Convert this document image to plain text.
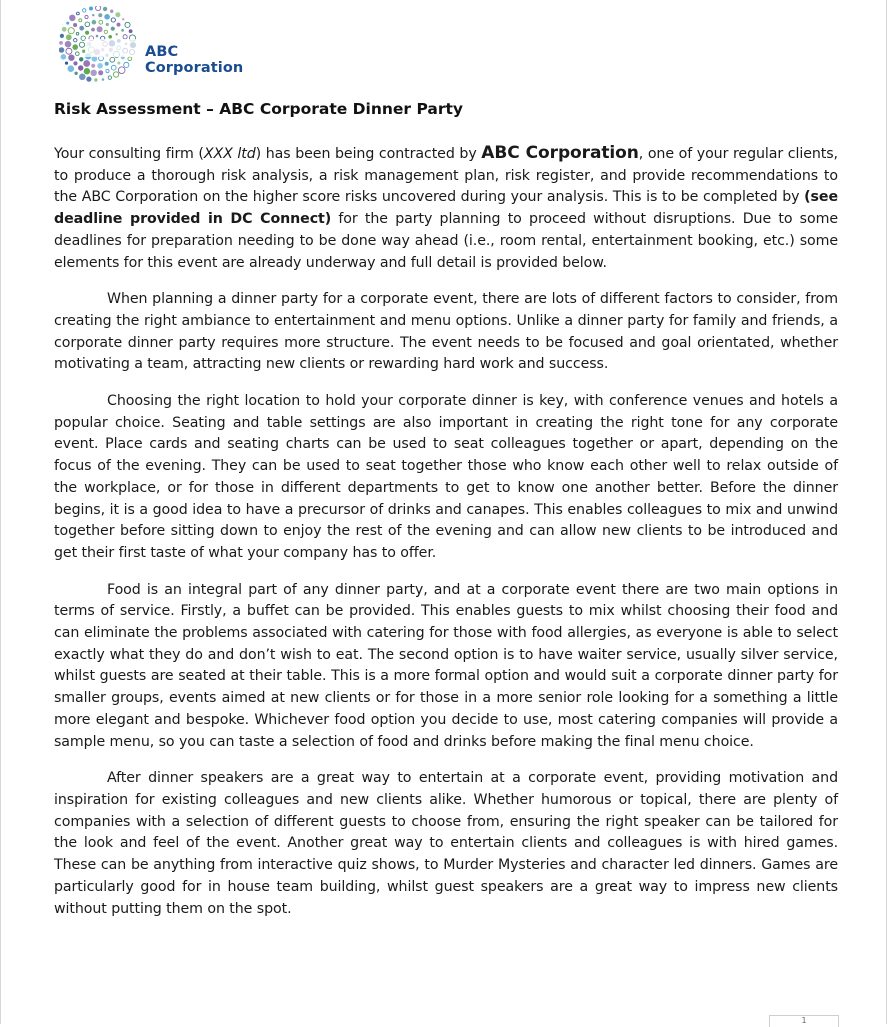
ABC Corporation
Risk Assessment – ABC Corporate Dinner Party

Your consulting firm (XXX ltd) has been being contracted by ABC Corporation, one of your regular clients, to produce a thorough risk analysis, a risk management plan, risk register, and provide recommendations to the ABC Corporation on the higher score risks uncovered during your analysis. This is to be completed by (see deadline provided in DC Connect) for the party planning to proceed without disruptions. Due to some deadlines for preparation needing to be done way ahead (i.e., room rental, entertainment booking, etc.) some elements for this event are already underway and full detail is provided below.

When planning a dinner party for a corporate event, there are lots of different factors to consider, from creating the right ambiance to entertainment and menu options. Unlike a dinner party for family and friends, a corporate dinner party requires more structure. The event needs to be focused and goal orientated, whether motivating a team, attracting new clients or rewarding hard work and success.

Choosing the right location to hold your corporate dinner is key, with conference venues and hotels a popular choice. Seating and table settings are also important in creating the right tone for any corporate event. Place cards and seating charts can be used to seat colleagues together or apart, depending on the focus of the evening. They can be used to seat together those who know each other well to relax outside of the workplace, or for those in different departments to get to know one another better. Before the dinner begins, it is a good idea to have a precursor of drinks and canapes. This enables colleagues to mix and unwind together before sitting down to enjoy the rest of the evening and can allow new clients to be introduced and get their first taste of what your company has to offer.

Food is an integral part of any dinner party, and at a corporate event there are two main options in terms of service. Firstly, a buffet can be provided. This enables guests to mix whilst choosing their food and can eliminate the problems associated with catering for those with food allergies, as everyone is able to select exactly what they do and don’t wish to eat. The second option is to have waiter service, usually silver service, whilst guests are seated at their table. This is a more formal option and would suit a corporate dinner party for smaller groups, events aimed at new clients or for those in a more senior role looking for a something a little more elegant and bespoke. Whichever food option you decide to use, most catering companies will provide a sample menu, so you can taste a selection of food and drinks before making the final menu choice.

After dinner speakers are a great way to entertain at a corporate event, providing motivation and inspiration for existing colleagues and new clients alike. Whether humorous or topical, there are plenty of companies with a selection of different guests to choose from, ensuring the right speaker can be tailored for the look and feel of the event. Another great way to entertain clients and colleagues is with hired games. These can be anything from interactive quiz shows, to Murder Mysteries and character led dinners. Games are particularly good for in house team building, whilst guest speakers are a great way to impress new clients without putting them on the spot.

1
